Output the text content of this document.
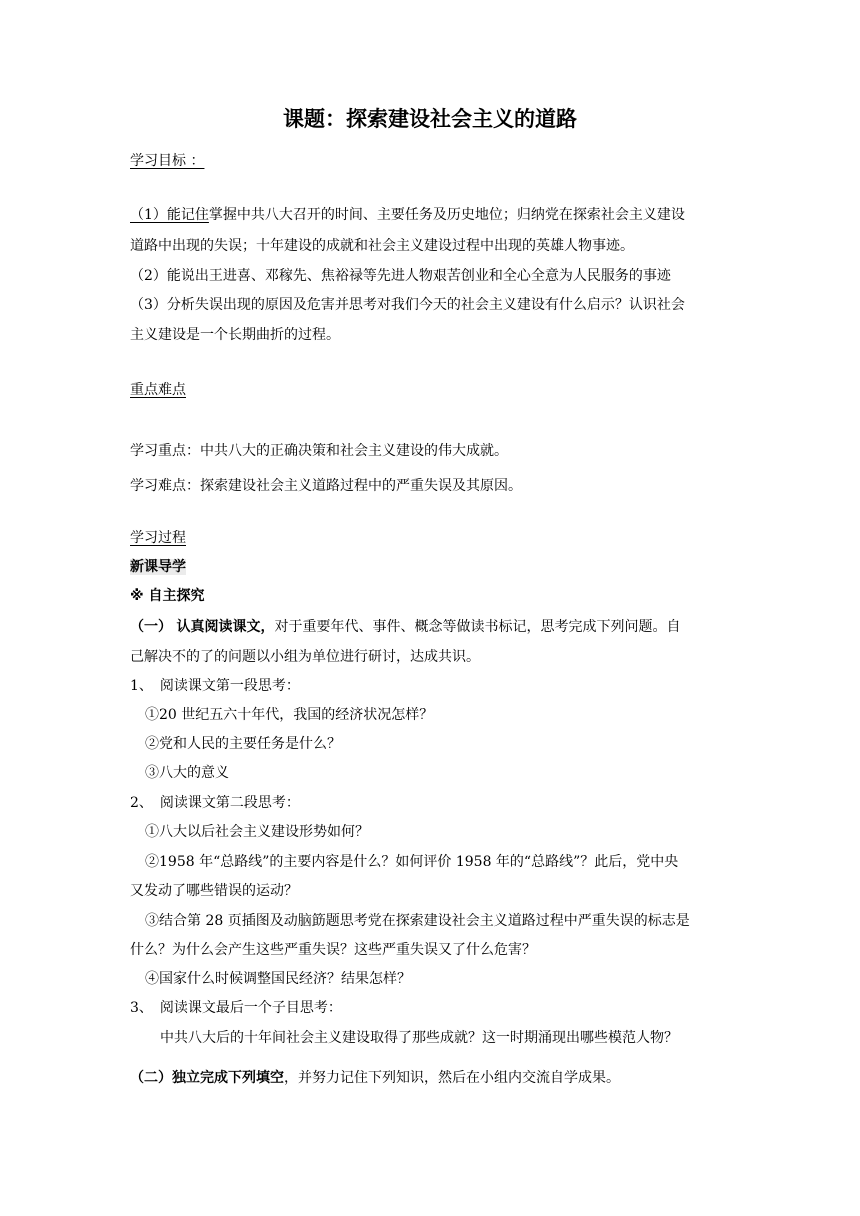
课题：探索建设社会主义的道路
学习目标 ：
（1）能记住掌握中共八大召开的时间、主要任务及历史地位；归纳党在探索社会主义建设
道路中出现的失误；十年建设的成就和社会主义建设过程中出现的英雄人物事迹。
（2）能说出王进喜、邓稼先、焦裕禄等先进人物艰苦创业和全心全意为人民服务的事迹
（3）分析失误出现的原因及危害并思考对我们今天的社会主义建设有什么启示？认识社会
主义建设是一个长期曲折的过程。
重点难点
学习重点：中共八大的正确决策和社会主义建设的伟大成就。
学习难点：探索建设社会主义道路过程中的严重失误及其原因。
学习过程
新课导学
※ 自主探究
（一） 认真阅读课文，对于重要年代、事件、概念等做读书标记，思考完成下列问题。自
己解决不的了的问题以小组为单位进行研讨，达成共识。
1、　阅读课文第一段思考：
①20 世纪五六十年代，我国的经济状况怎样？
②党和人民的主要任务是什么？
③八大的意义
2、　阅读课文第二段思考：
①八大以后社会主义建设形势如何？
②1958 年“总路线”的主要内容是什么？如何评价 1958 年的“总路线”？此后，党中央
又发动了哪些错误的运动？
③结合第 28 页插图及动脑筯题思考党在探索建设社会主义道路过程中严重失误的标志是
什么？为什么会产生这些严重失误？这些严重失误又了什么危害？
④国家什么时候调整国民经济？结果怎样？
3、　阅读课文最后一个子目思考：
中共八大后的十年间社会主义建设取得了那些成就？这一时期涌现出哪些模范人物？
（二）独立完成下列填空，并努力记住下列知识，然后在小组内交流自学成果。
